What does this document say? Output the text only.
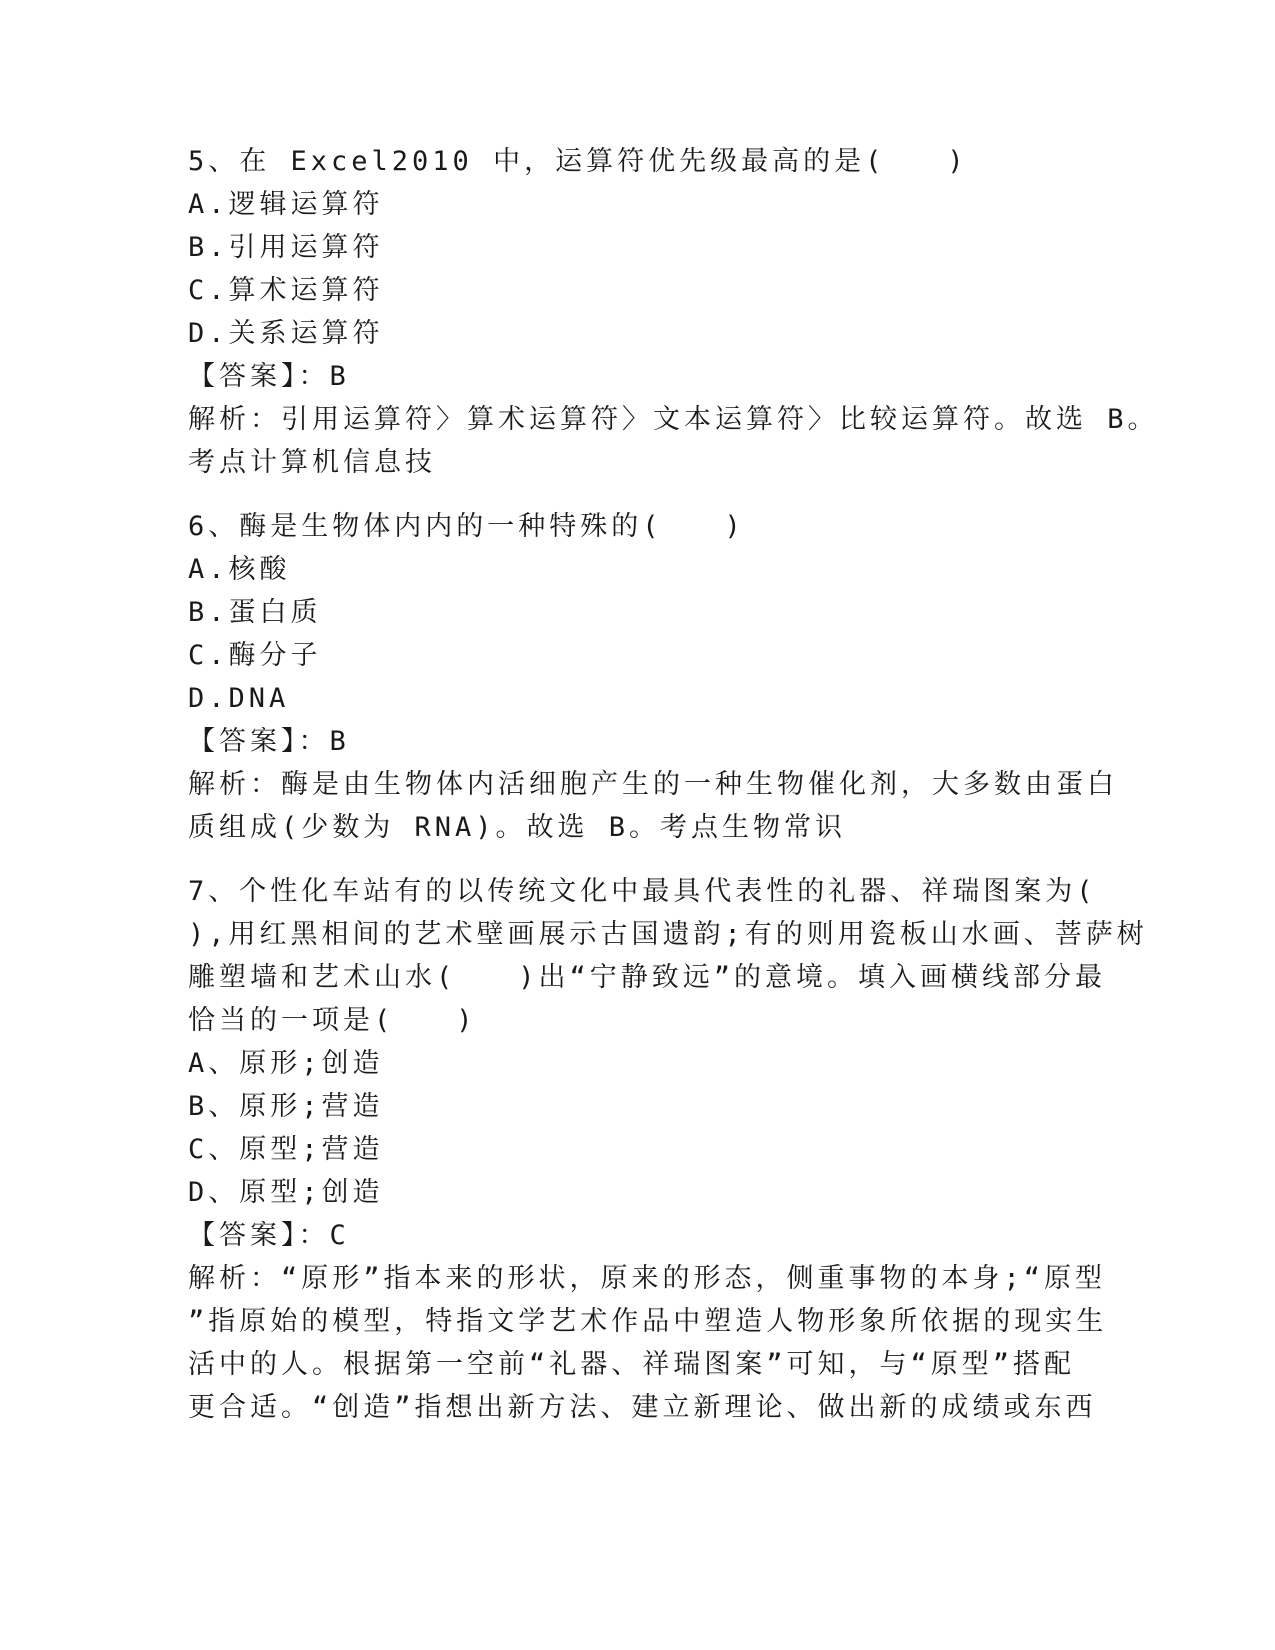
5、在 Excel2010 中，运算符优先级最高的是(　　)
A.逻辑运算符
B.引用运算符
C.算术运算符
D.关系运算符
【答案】：B
解析：引用运算符〉算术运算符〉文本运算符〉比较运算符。故选 B。
考点计算机信息技
6、酶是生物体内内的一种特殊的(　　)
A.核酸
B.蛋白质
C.酶分子
D.DNA
【答案】：B
解析：酶是由生物体内活细胞产生的一种生物催化剂，大多数由蛋白
质组成(少数为 RNA)。故选 B。考点生物常识
7、个性化车站有的以传统文化中最具代表性的礼器、祥瑞图案为(
),用红黑相间的艺术壁画展示古国遗韵;有的则用瓷板山水画、菩萨树
雕塑墙和艺术山水(　　)出“宁静致远”的意境。填入画横线部分最
恰当的一项是(　　)
A、原形;创造
B、原形;营造
C、原型;营造
D、原型;创造
【答案】：C
解析：“原形”指本来的形状，原来的形态，侧重事物的本身;“原型
”指原始的模型，特指文学艺术作品中塑造人物形象所依据的现实生
活中的人。根据第一空前“礼器、祥瑞图案”可知，与“原型”搭配
更合适。“创造”指想出新方法、建立新理论、做出新的成绩或东西
